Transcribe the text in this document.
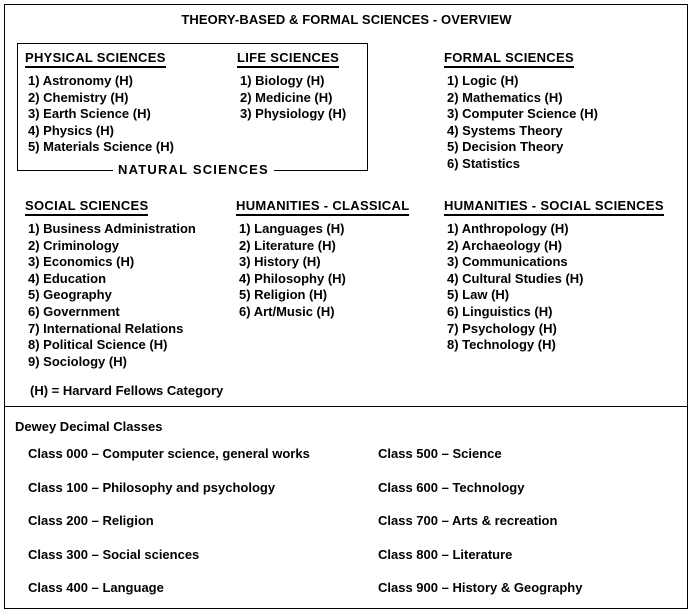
THEORY-BASED & FORMAL SCIENCES - OVERVIEW
NATURAL SCIENCES
PHYSICAL SCIENCES
1) Astronomy (H)
2) Chemistry (H)
3) Earth Science (H)
4) Physics (H)
5) Materials Science (H)
LIFE SCIENCES
1) Biology (H)
2) Medicine (H)
3) Physiology (H)
FORMAL SCIENCES
1) Logic (H)
2) Mathematics (H)
3) Computer Science (H)
4) Systems Theory
5) Decision Theory
6) Statistics
SOCIAL SCIENCES
1) Business Administration
2) Criminology
3) Economics (H)
4) Education
5) Geography
6) Government
7) International Relations
8) Political Science (H)
9) Sociology (H)
HUMANITIES - CLASSICAL
1) Languages (H)
2) Literature (H)
3) History (H)
4) Philosophy (H)
5) Religion (H)
6) Art/Music (H)
HUMANITIES - SOCIAL SCIENCES
1) Anthropology (H)
2) Archaeology (H)
3) Communications
4) Cultural Studies (H)
5) Law (H)
6) Linguistics (H)
7) Psychology (H)
8) Technology (H)
(H) = Harvard Fellows Category
Dewey Decimal Classes
Class 000 – Computer science, general works
Class 100 – Philosophy and psychology
Class 200 – Religion
Class 300 – Social sciences
Class 400 – Language
Class 500 – Science
Class 600 – Technology
Class 700 – Arts & recreation
Class 800 – Literature
Class 900 – History & Geography
